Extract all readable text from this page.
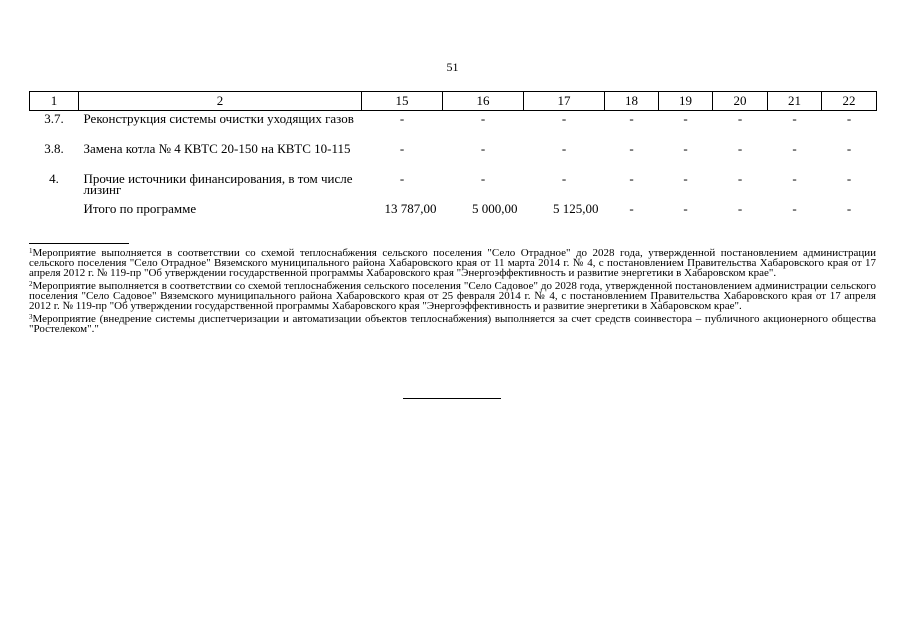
51
1	2	15	16	17	18	19	20	21	22
3.7.	Реконструкция системы очистки уходящих газов	-	-	-	-	-	-	-	-
3.8.	Замена котла № 4 КВТС 20-150 на КВТС 10-115	-	-	-	-	-	-	-	-
4.	Прочие источники финансирования, в том числе лизинг	-	-	-	-	-	-	-	-
	Итого по программе	13 787,00	5 000,00	5 125,00	-	-	-	-	-

$^1$Мероприятие выполняется в соответствии со схемой теплоснабжения сельского поселения "Село Отрадное" до 2028 года, утвержденной постановлением администрации сельского поселения "Село Отрадное" Вяземского муниципального района Хабаровского края от 11 марта 2014 г. № 4, с постановлением Правительства Хабаровского края от 17 апреля 2012 г. № 119-пр "Об утверждении государственной программы Хабаровского края "Энергоэффективность и развитие энергетики в Хабаровском крае".

$^2$Мероприятие выполняется в соответствии со схемой теплоснабжения сельского поселения "Село Садовое" до 2028 года, утвержденной постановлением администрации сельского поселения "Село Садовое" Вяземского муниципального района Хабаровского края от 25 февраля 2014 г. № 4, с постановлением Правительства Хабаровского края от 17 апреля 2012 г. № 119-пр "Об утверждении государственной программы Хабаровского края "Энергоэффективность и развитие энергетики в Хабаровском крае".

$^3$Мероприятие (внедрение системы диспетчеризации и автоматизации объектов теплоснабжения) выполняется за счет средств соинвестора – публичного акционерного общества "Ростелеком"."
